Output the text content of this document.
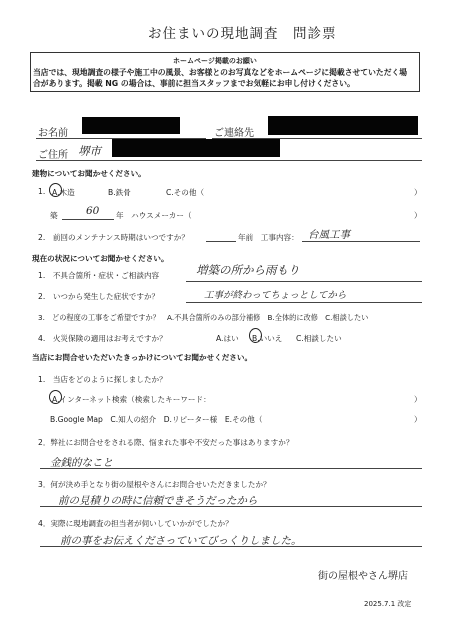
お住まいの現地調査　問診票
ホームページ掲載のお願い
当店では、現地調査の様子や施工中の風景、お客様とのお写真などをホームページに掲載させていただく場
合があります。掲載 NG の場合は、事前に担当スタッフまでお気軽にお申し付けください。
お名前	ご連絡先
ご住所 堺市
建物についてお聞かせください。
1. A.木造	B.鉄骨	C.その他（	）
築	60 年　ハウスメーカー（	）
2.　前回のメンテナンス時期はいつですか？	年前　工事内容： 台風工事
現在の状況についてお聞かせください。
1.　不具合箇所・症状・ご相談内容	増築の所から雨もり
2.　いつから発生した症状ですか？	工事が終わってちょっとしてから
3.　どの程度の工事をご希望ですか？　A.不具合箇所のみの部分補修　B.全体的に改修　C.相談したい
4.　火災保険の適用はお考えですか？	A.はい B.いいえ C.相談したい
当店にお問合せいただいたきっかけについてお聞かせください。
1.　当店をどのように探しましたか？
A.インターネット検索（検索したキーワード：	）
B.Google Map　C.知人の紹介　D.リピーター様　E.その他（	）
2．弊社にお問合せをされる際、悩まれた事や不安だった事はありますか？
金銭的なこと
3．何が決め手となり街の屋根やさんにお問合せいただきましたか？
前の見積りの時に信頼できそうだったから
4．実際に現地調査の担当者が伺いしていかがでしたか？
前の事をお伝えくださっていてびっくりしました。
街の屋根やさん堺店
2025.7.1 改定
